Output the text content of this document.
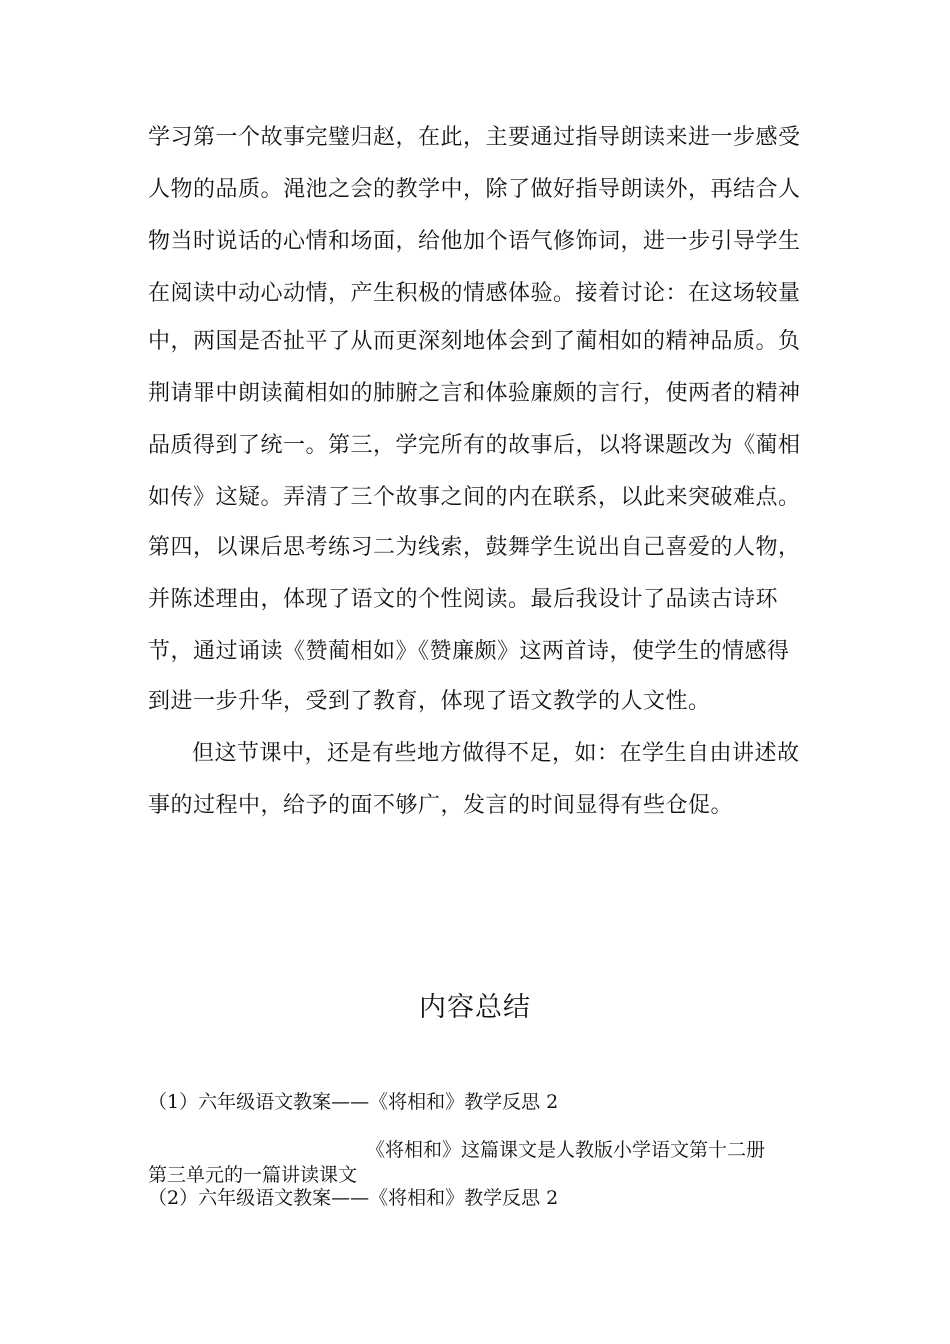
学习第一个故事完璧归赵，在此，主要通过指导朗读来进一步感受
人物的品质。渑池之会的教学中，除了做好指导朗读外，再结合人
物当时说话的心情和场面，给他加个语气修饰词，进一步引导学生
在阅读中动心动情，产生积极的情感体验。接着讨论：在这场较量
中，两国是否扯平了从而更深刻地体会到了蔺相如的精神品质。负
荆请罪中朗读蔺相如的肺腑之言和体验廉颇的言行，使两者的精神
品质得到了统一。第三，学完所有的故事后，以将课题改为《蔺相
如传》这疑。弄清了三个故事之间的内在联系，以此来突破难点。
第四，以课后思考练习二为线索，鼓舞学生说出自己喜爱的人物，
并陈述理由，体现了语文的个性阅读。最后我设计了品读古诗环
节，通过诵读《赞蔺相如》《赞廉颇》这两首诗，使学生的情感得
到进一步升华，受到了教育，体现了语文教学的人文性。
但这节课中，还是有些地方做得不足，如：在学生自由讲述故
事的过程中，给予的面不够广，发言的时间显得有些仓促。
内容总结
（1）六年级语文教案——《将相和》教学反思 2
《将相和》这篇课文是人教版小学语文第十二册
第三单元的一篇讲读课文
（2）六年级语文教案——《将相和》教学反思 2
